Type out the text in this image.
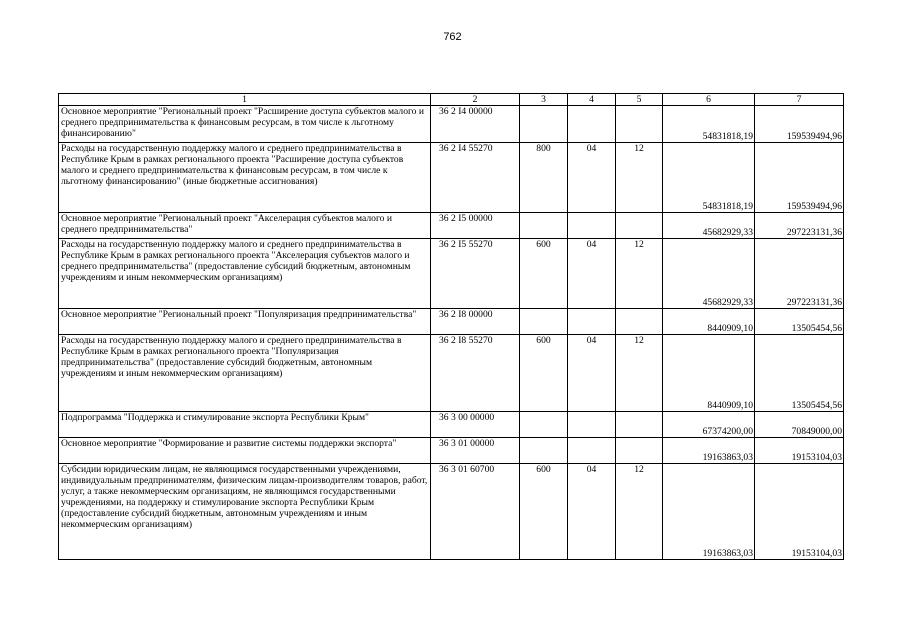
762
1	2	3	4	5	6	7
Основное мероприятие "Региональный проект "Расширение доступа субъектов малого и среднего предпринимательства к финансовым ресурсам, в том числе к льготному финансированию"	36 2 I4 00000				54831818,19	159539494,96
Расходы на государственную поддержку малого и среднего предпринимательства в Республике Крым в рамках регионального проекта "Расширение доступа субъектов малого и среднего предпринимательства к финансовым ресурсам, в том числе к льготному финансированию" (иные бюджетные ассигнования)	36 2 I4 55270	800	04	12	54831818,19	159539494,96
Основное мероприятие "Региональный проект "Акселерация субъектов малого и среднего предпринимательства"	36 2 I5 00000				45682929,33	297223131,36
Расходы на государственную поддержку малого и среднего предпринимательства в Республике Крым в рамках регионального проекта "Акселерация субъектов малого и среднего предпринимательства" (предоставление субсидий бюджетным, автономным учреждениям и иным некоммерческим организациям)	36 2 I5 55270	600	04	12	45682929,33	297223131,36
Основное мероприятие "Региональный проект "Популяризация предпринимательства"	36 2 I8 00000				8440909,10	13505454,56
Расходы на государственную поддержку малого и среднего предпринимательства в Республике Крым в рамках регионального проекта "Популяризация предпринимательства" (предоставление субсидий бюджетным, автономным учреждениям и иным некоммерческим организациям)	36 2 I8 55270	600	04	12	8440909,10	13505454,56
Подпрограмма "Поддержка и стимулирование экспорта Республики Крым"	36 3 00 00000				67374200,00	70849000,00
Основное мероприятие "Формирование и развитие системы поддержки экспорта"	36 3 01 00000				19163863,03	19153104,03
Субсидии юридическим лицам, не являющимся государственными учреждениями, индивидуальным предпринимателям, физическим лицам-производителям товаров, работ, услуг, а также некоммерческим организациям, не являющимся государственными учреждениями, на поддержку и стимулирование экспорта Республики Крым (предоставление субсидий бюджетным, автономным учреждениям и иным некоммерческим организациям)	36 3 01 60700	600	04	12	19163863,03	19153104,03
